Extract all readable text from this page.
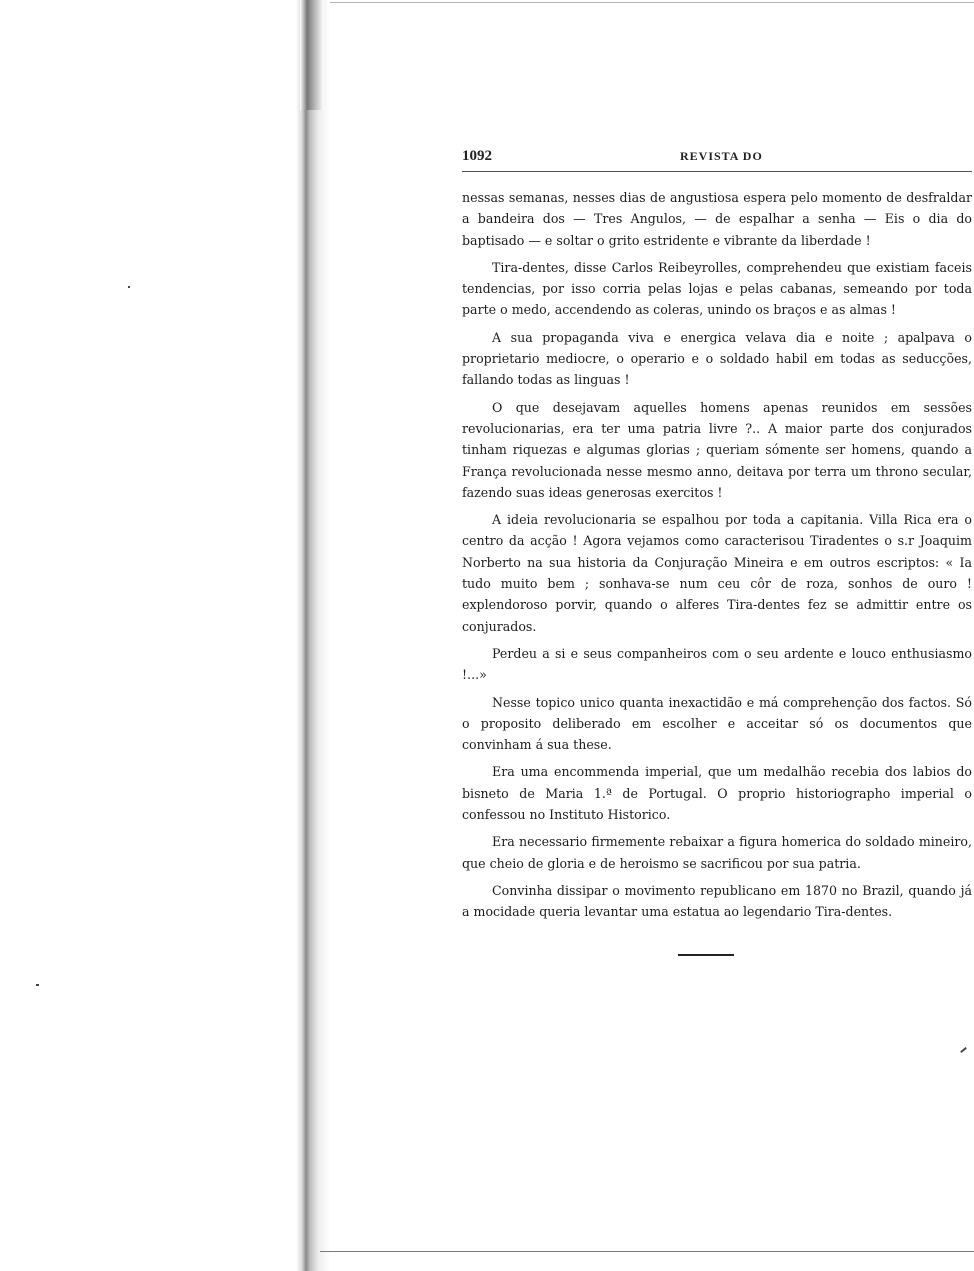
1092	REVISTA DO

nessas semanas, nesses dias de angustiosa espera pelo momento de desfraldar a bandeira dos — Tres Angulos, — de espalhar a senha — Eis o dia do baptisado — e soltar o grito estridente e vibrante da liberdade !

Tira-dentes, disse Carlos Reibeyrolles, comprehendeu que existiam faceis tendencias, por isso corria pelas lojas e pelas cabanas, semeando por toda parte o medo, accendendo as coleras, unindo os braços e as almas !

A sua propaganda viva e energica velava dia e noite ; apalpava o proprietario mediocre, o operario e o soldado habil em todas as seducções, fallando todas as linguas !

O que desejavam aquelles homens apenas reunidos em sessões revolucionarias, era ter uma patria livre ?.. A maior parte dos conjurados tinham riquezas e algumas glorias ; queriam sómente ser homens, quando a França revolucionada nesse mesmo anno, deitava por terra um throno secular, fazendo suas ideas generosas exercitos !

A ideia revolucionaria se espalhou por toda a capitania. Villa Rica era o centro da acção ! Agora vejamos como caracterisou Tiradentes o s.r Joaquim Norberto na sua historia da Conjuração Mineira e em outros escriptos: « Ia tudo muito bem ; sonhava-se num ceu côr de roza, sonhos de ouro ! explendoroso porvir, quando o alferes Tira-dentes fez se admittir entre os conjurados.

Perdeu a si e seus companheiros com o seu ardente e louco enthusiasmo !...»

Nesse topico unico quanta inexactidão e má comprehenção dos factos. Só o proposito deliberado em escolher e acceitar só os documentos que convinham á sua these.

Era uma encommenda imperial, que um medalhão recebia dos labios do bisneto de Maria 1.ª de Portugal. O proprio historiographo imperial o confessou no Instituto Historico.

Era necessario firmemente rebaixar a figura homerica do soldado mineiro, que cheio de gloria e de heroismo se sacrificou por sua patria.

Convinha dissipar o movimento republicano em 1870 no Brazil, quando já a mocidade queria levantar uma estatua ao legendario Tira-dentes.
